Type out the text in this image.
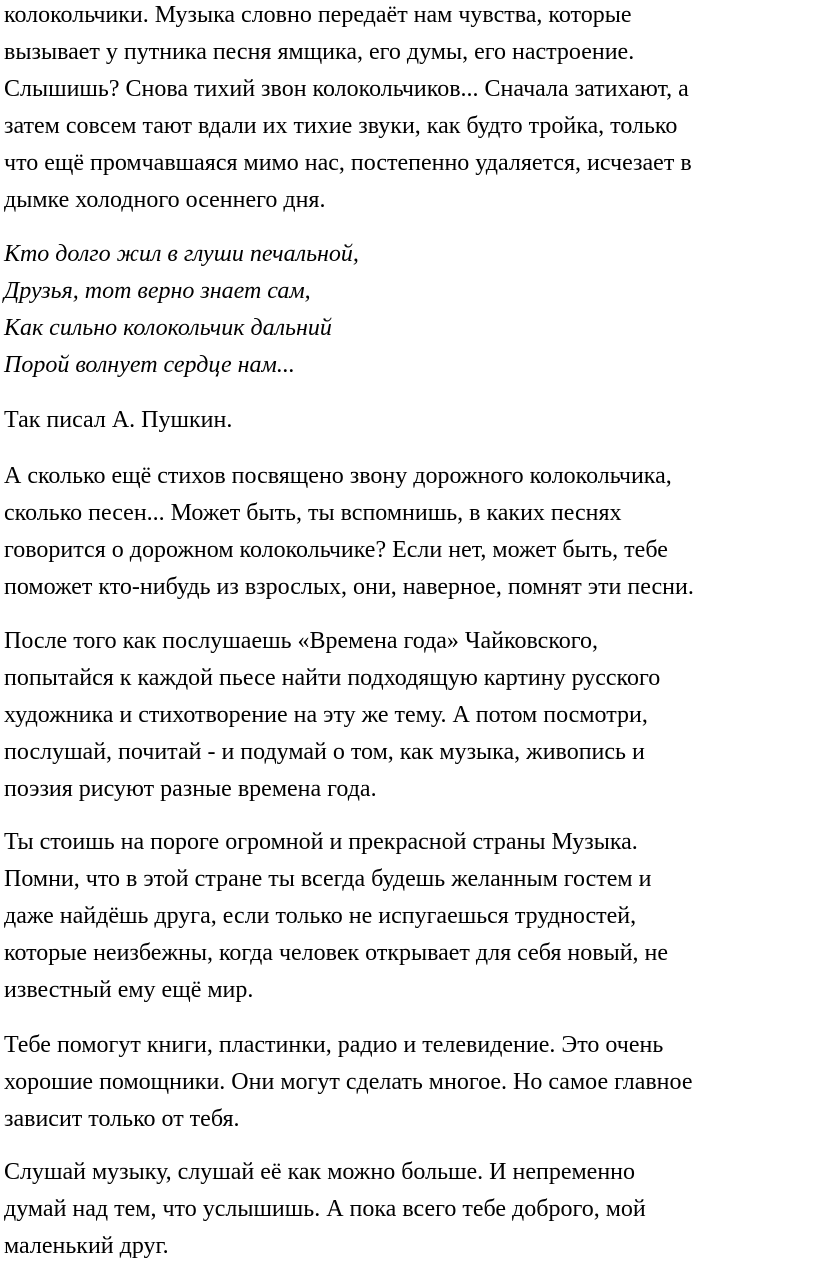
колокольчики. Музыка словно передаёт нам чувства, которые
вызывает у путника песня ямщика, его думы, его настроение.
Слышишь? Снова тихий звон колокольчиков... Сначала затихают, а
затем совсем тают вдали их тихие звуки, как будто тройка, только
что ещё промчавшаяся мимо нас, постепенно удаляется, исчезает в
дымке холодного осеннего дня.

Кто долго жил в глуши печальной,
Друзья, тот верно знает сам,
Как сильно колокольчик дальний
Порой волнует сердце нам...

Так писал А. Пушкин.

А сколько ещё стихов посвящено звону дорожного колокольчика,
сколько песен... Может быть, ты вспомнишь, в каких песнях
говорится о дорожном колокольчике? Если нет, может быть, тебе
поможет кто-нибудь из взрослых, они, наверное, помнят эти песни.

После того как послушаешь «Времена года» Чайковского,
попытайся к каждой пьесе найти подходящую картину русского
художника и стихотворение на эту же тему. А потом посмотри,
послушай, почитай - и подумай о том, как музыка, живопись и
поэзия рисуют разные времена года.

Ты стоишь на пороге огромной и прекрасной страны Музыка.
Помни, что в этой стране ты всегда будешь желанным гостем и
даже найдёшь друга, если только не испугаешься трудностей,
которые неизбежны, когда человек открывает для себя новый, не
известный ему ещё мир.

Тебе помогут книги, пластинки, радио и телевидение. Это очень
хорошие помощники. Они могут сделать многое. Но самое главное
зависит только от тебя.

Слушай музыку, слушай её как можно больше. И непременно
думай над тем, что услышишь. А пока всего тебе доброго, мой
маленький друг.
